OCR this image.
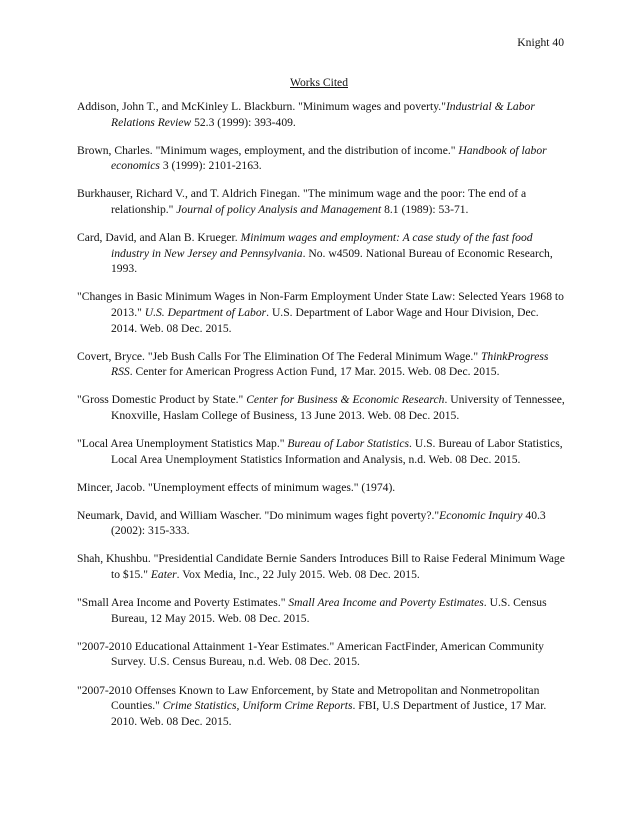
Knight 40
Works Cited
Addison, John T., and McKinley L. Blackburn. "Minimum wages and poverty."Industrial & Labor Relations Review 52.3 (1999): 393-409.
Brown, Charles. "Minimum wages, employment, and the distribution of income." Handbook of labor economics 3 (1999): 2101-2163.
Burkhauser, Richard V., and T. Aldrich Finegan. "The minimum wage and the poor: The end of a relationship." Journal of policy Analysis and Management 8.1 (1989): 53-71.
Card, David, and Alan B. Krueger. Minimum wages and employment: A case study of the fast food industry in New Jersey and Pennsylvania. No. w4509. National Bureau of Economic Research, 1993.
"Changes in Basic Minimum Wages in Non-Farm Employment Under State Law: Selected Years 1968 to 2013." U.S. Department of Labor. U.S. Department of Labor Wage and Hour Division, Dec. 2014. Web. 08 Dec. 2015.
Covert, Bryce. "Jeb Bush Calls For The Elimination Of The Federal Minimum Wage." ThinkProgress RSS. Center for American Progress Action Fund, 17 Mar. 2015. Web. 08 Dec. 2015.
"Gross Domestic Product by State." Center for Business & Economic Research. University of Tennessee, Knoxville, Haslam College of Business, 13 June 2013. Web. 08 Dec. 2015.
"Local Area Unemployment Statistics Map." Bureau of Labor Statistics. U.S. Bureau of Labor Statistics, Local Area Unemployment Statistics Information and Analysis, n.d. Web. 08 Dec. 2015.
Mincer, Jacob. "Unemployment effects of minimum wages." (1974).
Neumark, David, and William Wascher. "Do minimum wages fight poverty?."Economic Inquiry 40.3 (2002): 315-333.
Shah, Khushbu. "Presidential Candidate Bernie Sanders Introduces Bill to Raise Federal Minimum Wage to $15." Eater. Vox Media, Inc., 22 July 2015. Web. 08 Dec. 2015.
"Small Area Income and Poverty Estimates." Small Area Income and Poverty Estimates. U.S. Census Bureau, 12 May 2015. Web. 08 Dec. 2015.
"2007-2010 Educational Attainment 1-Year Estimates." American FactFinder, American Community Survey. U.S. Census Bureau, n.d. Web. 08 Dec. 2015.
"2007-2010 Offenses Known to Law Enforcement, by State and Metropolitan and Nonmetropolitan Counties." Crime Statistics, Uniform Crime Reports. FBI, U.S Department of Justice, 17 Mar. 2010. Web. 08 Dec. 2015.
